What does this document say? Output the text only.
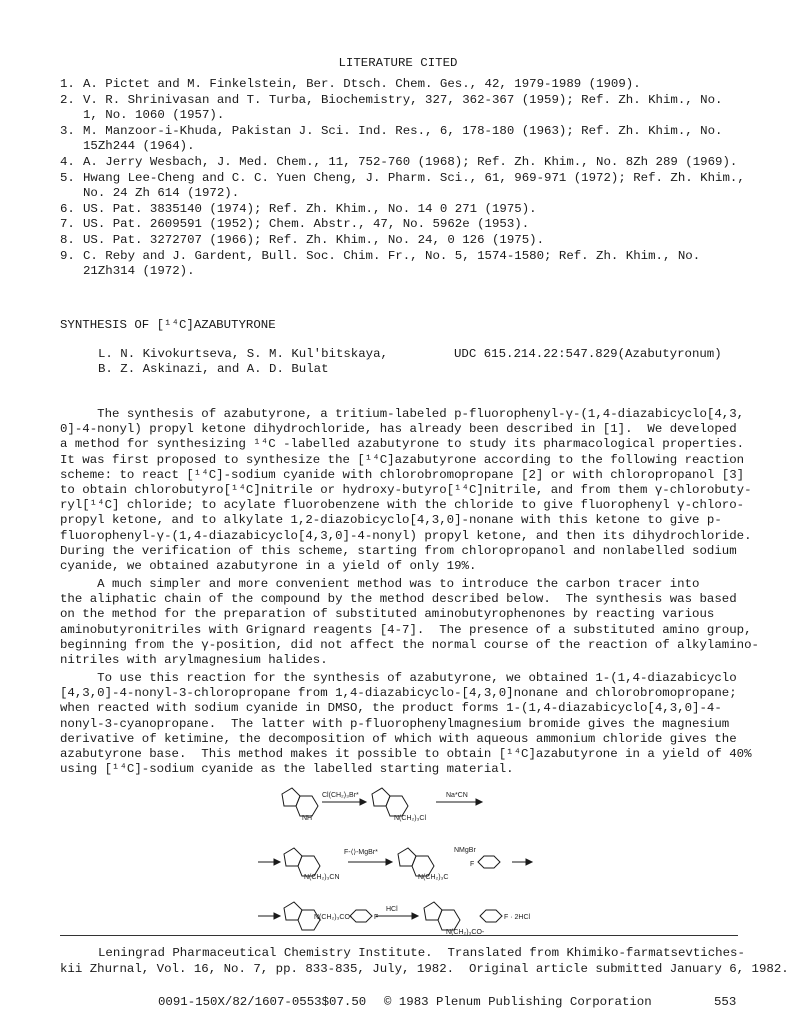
LITERATURE CITED
1. A. Pictet and M. Finkelstein, Ber. Dtsch. Chem. Ges., 42, 1979-1989 (1909).
2. V. R. Shrinivasan and T. Turba, Biochemistry, 327, 362-367 (1959); Ref. Zh. Khim., No.
1, No. 1060 (1957).
3. M. Manzoor-i-Khuda, Pakistan J. Sci. Ind. Res., 6, 178-180 (1963); Ref. Zh. Khim., No.
15Zh244 (1964).
4. A. Jerry Wesbach, J. Med. Chem., 11, 752-760 (1968); Ref. Zh. Khim., No. 8Zh 289 (1969).
5. Hwang Lee-Cheng and C. C. Yuen Cheng, J. Pharm. Sci., 61, 969-971 (1972); Ref. Zh. Khim.,
No. 24 Zh 614 (1972).
6. US. Pat. 3835140 (1974); Ref. Zh. Khim., No. 14 0 271 (1975).
7. US. Pat. 2609591 (1952); Chem. Abstr., 47, No. 5962e (1953).
8. US. Pat. 3272707 (1966); Ref. Zh. Khim., No. 24, 0 126 (1975).
9. C. Reby and J. Gardent, Bull. Soc. Chim. Fr., No. 5, 1574-1580; Ref. Zh. Khim., No.
21Zh314 (1972).
SYNTHESIS OF [¹⁴C]AZABUTYRONE
L. N. Kivokurtseva, S. M. Kul'bitskaya,
B. Z. Askinazi, and A. D. Bulat
UDC 615.214.22:547.829(Azabutyronum)
The synthesis of azabutyrone, a tritium-labeled p-fluorophenyl-γ-(1,4-diazabicyclo[4,3,
0]-4-nonyl) propyl ketone dihydrochloride, has already been described in [1].  We developed
a method for synthesizing ¹⁴C -labelled azabutyrone to study its pharmacological properties.
It was first proposed to synthesize the [¹⁴C]azabutyrone according to the following reaction
scheme: to react [¹⁴C]-sodium cyanide with chlorobromopropane [2] or with chloropropanol [3]
to obtain chlorobutyro[¹⁴C]nitrile or hydroxy-butyro[¹⁴C]nitrile, and from them γ-chlorobuty-
ryl[¹⁴C] chloride; to acylate fluorobenzene with the chloride to give fluorophenyl γ-chloro-
propyl ketone, and to alkylate 1,2-diazobicyclo[4,3,0]-nonane with this ketone to give p-
fluorophenyl-γ-(1,4-diazabicyclo[4,3,0]-4-nonyl) propyl ketone, and then its dihydrochloride.
During the verification of this scheme, starting from chloropropanol and nonlabelled sodium
cyanide, we obtained azabutyrone in a yield of only 19%.
A much simpler and more convenient method was to introduce the carbon tracer into
the aliphatic chain of the compound by the method described below.  The synthesis was based
on the method for the preparation of substituted aminobutyrophenones by reacting various
aminobutyronitriles with Grignard reagents [4-7].  The presence of a substituted amino group,
beginning from the γ-position, did not affect the normal course of the reaction of alkylamino-
nitriles with arylmagnesium halides.
To use this reaction for the synthesis of azabutyrone, we obtained 1-(1,4-diazabicyclo
[4,3,0]-4-nonyl-3-chloropropane from 1,4-diazabicyclo-[4,3,0]nonane and chlorobromopropane;
when reacted with sodium cyanide in DMSO, the product forms 1-(1,4-diazabicyclo[4,3,0]-4-
nonyl-3-cyanopropane.  The latter with p-fluorophenylmagnesium bromide gives the magnesium
derivative of ketimine, the decomposition of which with aqueous ammonium chloride gives the
azabutyrone base.  This method makes it possible to obtain [¹⁴C]azabutyrone in a yield of 40%
using [¹⁴C]-sodium cyanide as the labelled starting material.
NH
Cl(CH₂)₃Br*
N(CH₂)₃Cl
Na*CN
N(CH₂)₃CN
F-⟨⟩-MgBr*
N(CH₂)₃C
NMgBr
F
N(CH₂)₃CO-	F
HCl
N(CH₂)₃CO-
F · 2HCl
Leningrad Pharmaceutical Chemistry Institute.  Translated from Khimiko-farmatsevtiches-
kii Zhurnal, Vol. 16, No. 7, pp. 833-835, July, 1982.  Original article submitted January 6, 1982.
0091-150X/82/1607-0553$07.50 © 1983 Plenum Publishing Corporation	553
